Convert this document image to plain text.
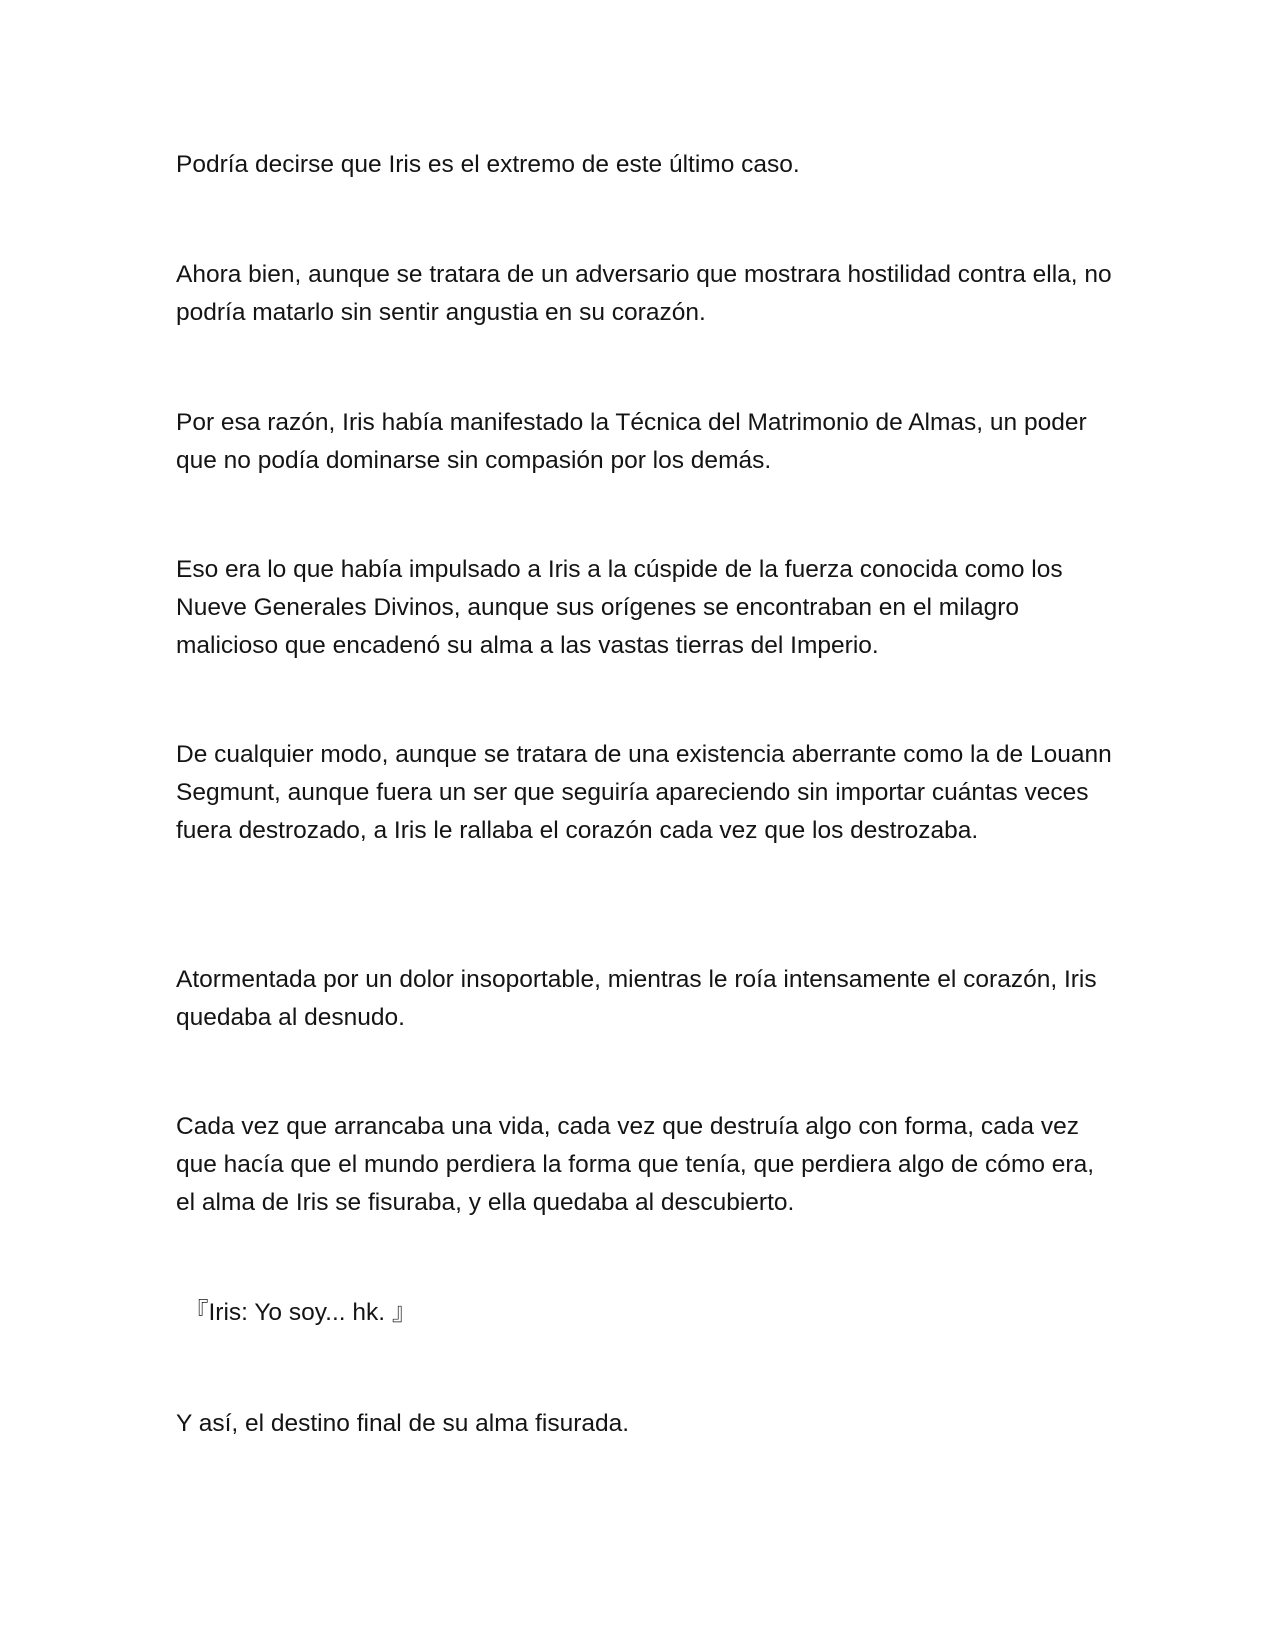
Podría decirse que Iris es el extremo de este último caso.

Ahora bien, aunque se tratara de un adversario que mostrara hostilidad contra ella, no podría matarlo sin sentir angustia en su corazón.

Por esa razón, Iris había manifestado la Técnica del Matrimonio de Almas, un poder que no podía dominarse sin compasión por los demás.

Eso era lo que había impulsado a Iris a la cúspide de la fuerza conocida como los Nueve Generales Divinos, aunque sus orígenes se encontraban en el milagro malicioso que encadenó su alma a las vastas tierras del Imperio.

De cualquier modo, aunque se tratara de una existencia aberrante como la de Louann Segmunt, aunque fuera un ser que seguiría apareciendo sin importar cuántas veces fuera destrozado, a Iris le rallaba el corazón cada vez que los destrozaba.

Atormentada por un dolor insoportable, mientras le roía intensamente el corazón, Iris quedaba al desnudo.

Cada vez que arrancaba una vida, cada vez que destruía algo con forma, cada vez que hacía que el mundo perdiera la forma que tenía, que perdiera algo de cómo era, el alma de Iris se fisuraba, y ella quedaba al descubierto.

『Iris: Yo soy... hk. 』

Y así, el destino final de su alma fisurada.
